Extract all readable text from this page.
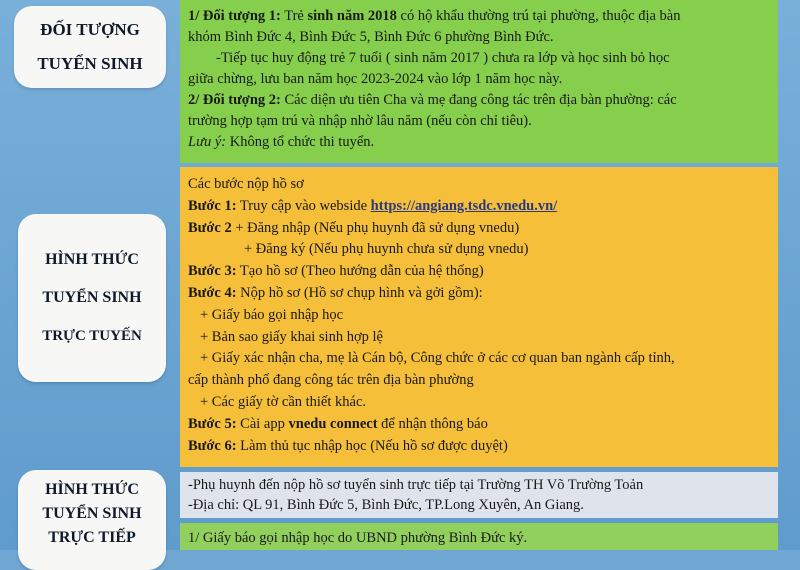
ĐỐI TƯỢNG
TUYỂN SINH
1/ Đối tượng 1: Trẻ sinh năm 2018 có hộ khẩu thường trú tại phường, thuộc địa bàn
khóm Bình Đức 4, Bình Đức 5, Bình Đức 6 phường Bình Đức.
-Tiếp tục huy động trẻ 7 tuổi ( sinh năm 2017 ) chưa ra lớp và học sinh bỏ học
giữa chừng, lưu ban năm học 2023-2024 vào lớp 1 năm học này.
2/ Đối tượng 2: Các diện ưu tiên Cha và mẹ đang công tác trên địa bàn phường: các
trường hợp tạm trú và nhập nhờ lâu năm (nếu còn chỉ tiêu).
Lưu ý: Không tổ chức thi tuyển.
HÌNH THỨC
TUYỂN SINH
TRỰC TUYẾN
Các bước nộp hồ sơ
Bước 1: Truy cập vào webside https://angiang.tsdc.vnedu.vn/
Bước 2 + Đăng nhập (Nếu phụ huynh đã sử dụng vnedu)
+ Đăng ký (Nếu phụ huynh chưa sử dụng vnedu)
Bước 3: Tạo hồ sơ (Theo hướng dẫn của hệ thống)
Bước 4: Nộp hồ sơ (Hồ sơ chụp hình và gởi gồm):
+ Giấy báo gọi nhập học
+ Bản sao giấy khai sinh hợp lệ
+ Giấy xác nhận cha, mẹ là Cán bộ, Công chức ở các cơ quan ban ngành cấp tỉnh,
cấp thành phố đang công tác trên địa bàn phường
+ Các giấy tờ cần thiết khác.
Bước 5: Cài app vnedu connect để nhận thông báo
Bước 6: Làm thủ tục nhập học (Nếu hồ sơ được duyệt)
HÌNH THỨC
TUYỂN SINH
TRỰC TIẾP
-Phụ huynh đến nộp hồ sơ tuyển sinh trực tiếp tại Trường TH Võ Trường Toản
-Địa chỉ: QL 91, Bình Đức 5, Bình Đức, TP.Long Xuyên, An Giang.
1/ Giấy báo gọi nhập học do UBND phường Bình Đức ký.
